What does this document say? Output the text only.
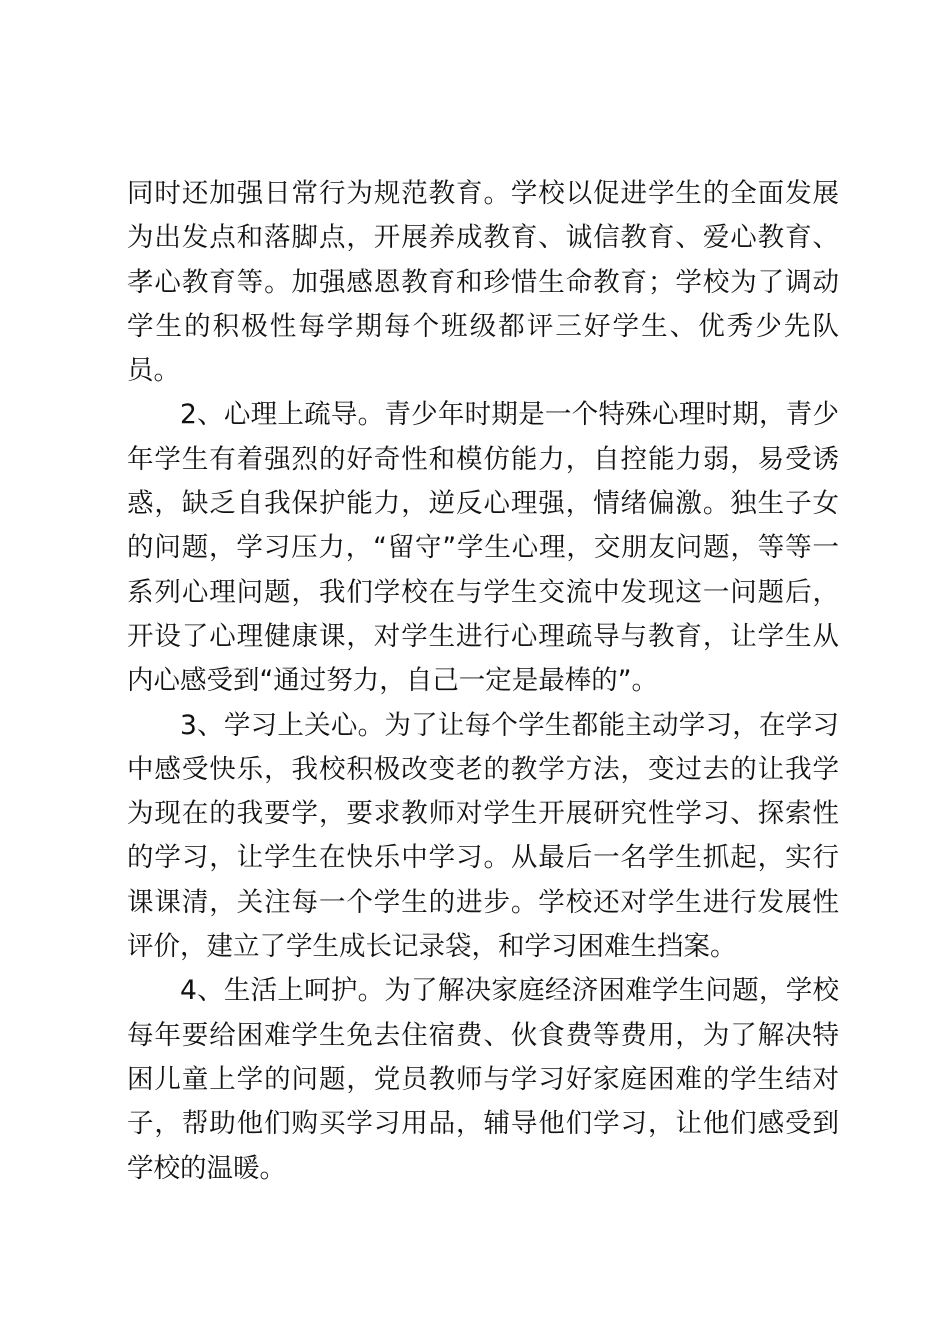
同时还加强日常行为规范教育。学校以促进学生的全面发展为出发点和落脚点，开展养成教育、诚信教育、爱心教育、孝心教育等。加强感恩教育和珍惜生命教育；学校为了调动学生的积极性每学期每个班级都评三好学生、优秀少先队员。

2、心理上疏导。青少年时期是一个特殊心理时期，青少年学生有着强烈的好奇性和模仿能力，自控能力弱，易受诱惑，缺乏自我保护能力，逆反心理强，情绪偏激。独生子女的问题，学习压力，“留守”学生心理，交朋友问题，等等一系列心理问题，我们学校在与学生交流中发现这一问题后，开设了心理健康课，对学生进行心理疏导与教育，让学生从内心感受到“通过努力，自己一定是最棒的”。

3、学习上关心。为了让每个学生都能主动学习，在学习中感受快乐，我校积极改变老的教学方法，变过去的让我学为现在的我要学，要求教师对学生开展研究性学习、探索性的学习，让学生在快乐中学习。从最后一名学生抓起，实行课课清，关注每一个学生的进步。学校还对学生进行发展性评价，建立了学生成长记录袋，和学习困难生挡案。

4、生活上呵护。为了解决家庭经济困难学生问题，学校每年要给困难学生免去住宿费、伙食费等费用，为了解决特困儿童上学的问题，党员教师与学习好家庭困难的学生结对子，帮助他们购买学习用品，辅导他们学习，让他们感受到学校的温暖。
